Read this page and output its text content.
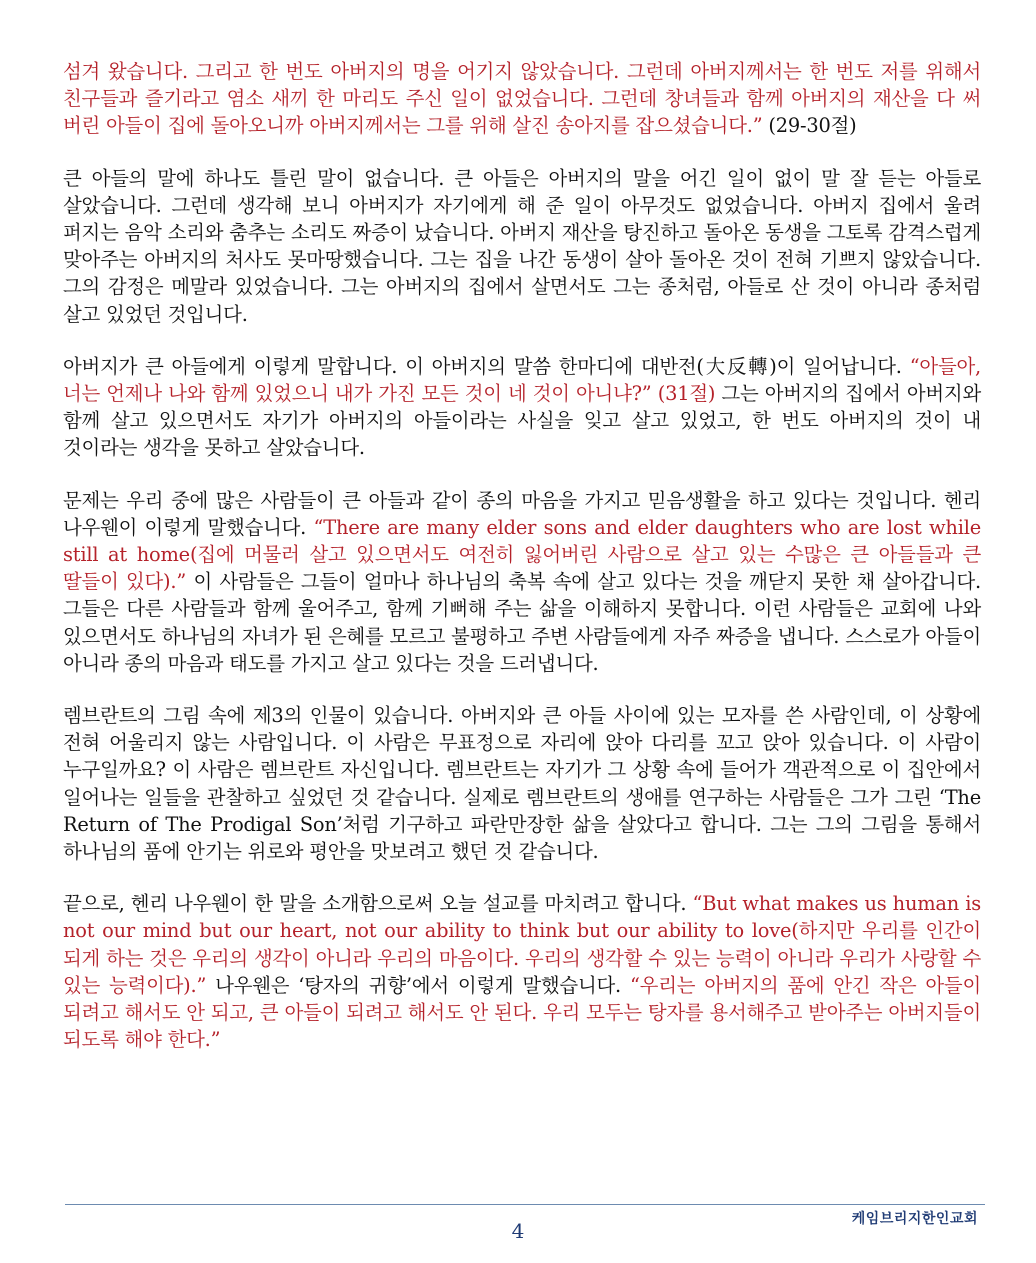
섬겨 왔습니다. 그리고 한 번도 아버지의 명을 어기지 않았습니다. 그런데 아버지께서는 한 번도 저를 위해서 친구들과 즐기라고 염소 새끼 한 마리도 주신 일이 없었습니다. 그런데 창녀들과 함께 아버지의 재산을 다 써 버린 아들이 집에 돌아오니까 아버지께서는 그를 위해 살진 송아지를 잡으셨습니다.” (29-30절)

큰 아들의 말에 하나도 틀린 말이 없습니다. 큰 아들은 아버지의 말을 어긴 일이 없이 말 잘 듣는 아들로 살았습니다. 그런데 생각해 보니 아버지가 자기에게 해 준 일이 아무것도 없었습니다. 아버지 집에서 울려 퍼지는 음악 소리와 춤추는 소리도 짜증이 났습니다. 아버지 재산을 탕진하고 돌아온 동생을 그토록 감격스럽게 맞아주는 아버지의 처사도 못마땅했습니다. 그는 집을 나간 동생이 살아 돌아온 것이 전혀 기쁘지 않았습니다. 그의 감정은 메말라 있었습니다. 그는 아버지의 집에서 살면서도 그는 종처럼, 아들로 산 것이 아니라 종처럼 살고 있었던 것입니다.

아버지가 큰 아들에게 이렇게 말합니다. 이 아버지의 말씀 한마디에 대반전(大反轉)이 일어납니다. “아들아, 너는 언제나 나와 함께 있었으니 내가 가진 모든 것이 네 것이 아니냐?” (31절) 그는 아버지의 집에서 아버지와 함께 살고 있으면서도 자기가 아버지의 아들이라는 사실을 잊고 살고 있었고, 한 번도 아버지의 것이 내 것이라는 생각을 못하고 살았습니다.

문제는 우리 중에 많은 사람들이 큰 아들과 같이 종의 마음을 가지고 믿음생활을 하고 있다는 것입니다. 헨리 나우웬이 이렇게 말했습니다. “There are many elder sons and elder daughters who are lost while still at home(집에 머물러 살고 있으면서도 여전히 잃어버린 사람으로 살고 있는 수많은 큰 아들들과 큰 딸들이 있다).” 이 사람들은 그들이 얼마나 하나님의 축복 속에 살고 있다는 것을 깨닫지 못한 채 살아갑니다. 그들은 다른 사람들과 함께 울어주고, 함께 기뻐해 주는 삶을 이해하지 못합니다. 이런 사람들은 교회에 나와 있으면서도 하나님의 자녀가 된 은혜를 모르고 불평하고 주변 사람들에게 자주 짜증을 냅니다. 스스로가 아들이 아니라 종의 마음과 태도를 가지고 살고 있다는 것을 드러냅니다.

렘브란트의 그림 속에 제3의 인물이 있습니다. 아버지와 큰 아들 사이에 있는 모자를 쓴 사람인데, 이 상황에 전혀 어울리지 않는 사람입니다. 이 사람은 무표정으로 자리에 앉아 다리를 꼬고 앉아 있습니다. 이 사람이 누구일까요? 이 사람은 렘브란트 자신입니다. 렘브란트는 자기가 그 상황 속에 들어가 객관적으로 이 집안에서 일어나는 일들을 관찰하고 싶었던 것 같습니다. 실제로 렘브란트의 생애를 연구하는 사람들은 그가 그린 ‘The Return of The Prodigal Son’처럼 기구하고 파란만장한 삶을 살았다고 합니다. 그는 그의 그림을 통해서 하나님의 품에 안기는 위로와 평안을 맛보려고 했던 것 같습니다.

끝으로, 헨리 나우웬이 한 말을 소개함으로써 오늘 설교를 마치려고 합니다. “But what makes us human is not our mind but our heart, not our ability to think but our ability to love(하지만 우리를 인간이 되게 하는 것은 우리의 생각이 아니라 우리의 마음이다. 우리의 생각할 수 있는 능력이 아니라 우리가 사랑할 수 있는 능력이다).” 나우웬은 ‘탕자의 귀향’에서 이렇게 말했습니다. “우리는 아버지의 품에 안긴 작은 아들이 되려고 해서도 안 되고, 큰 아들이 되려고 해서도 안 된다. 우리 모두는 탕자를 용서해주고 받아주는 아버지들이 되도록 해야 한다.”

4	케임브리지한인교회
